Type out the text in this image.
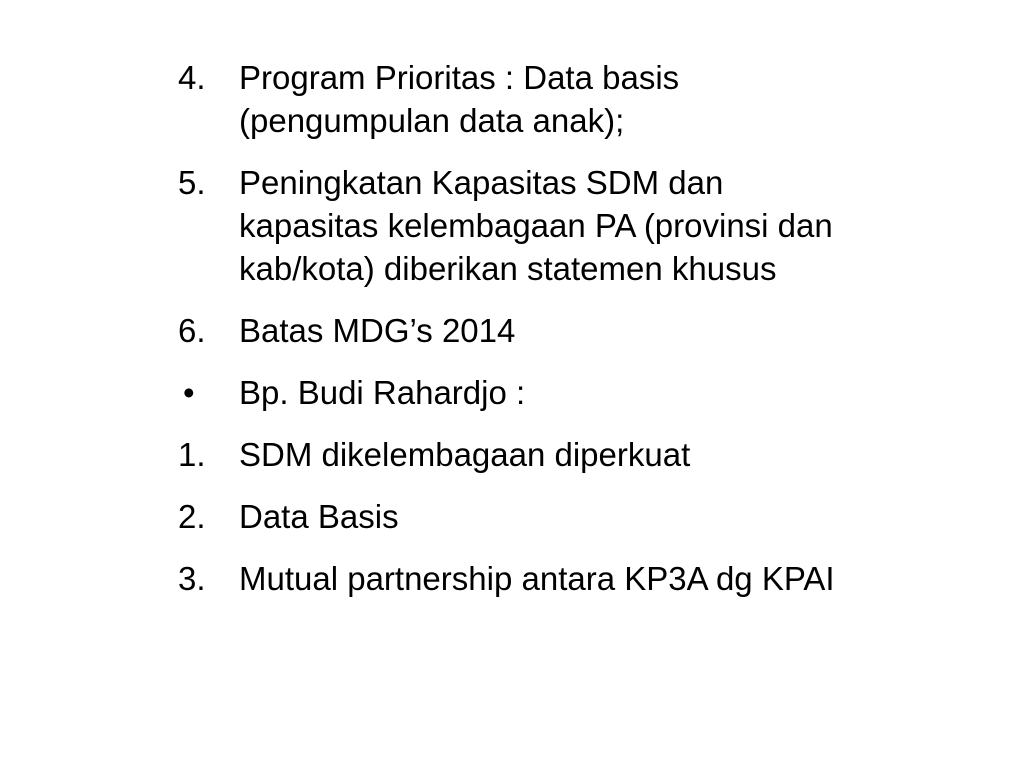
4.	Program Prioritas : Data basis
(pengumpulan data anak);
5.	Peningkatan Kapasitas SDM dan
kapasitas kelembagaan PA (provinsi dan
kab/kota) diberikan statemen khusus
6.	Batas MDG’s 2014
•	Bp. Budi Rahardjo :
1.	SDM dikelembagaan diperkuat
2.	Data Basis
3.	Mutual partnership antara KP3A dg KPAI
